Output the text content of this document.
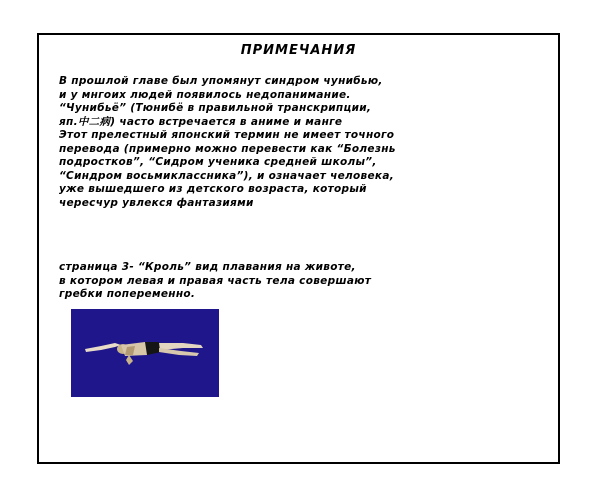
ПРИМЕЧАНИЯ

В прошлой главе был упомянут синдром чунибью,

и у мнгоих людей появилось недопанимание.

“Чунибьё” (Тюнибё в правильной транскрипции,

яп.中二病) часто встречается в аниме и манге

Этот прелестный японский термин не имеет точного

перевода (примерно можно перевести как “Болезнь

подростков”, “Сидром ученика средней школы”,

“Синдром восьмиклассника”), и означает человека,

уже вышедшего из детского возраста, который

чересчур увлекся фантазиями

страница 3- “Кроль” вид плавания на животе,

в котором левая и правая часть тела совершают

гребки попеременно.
